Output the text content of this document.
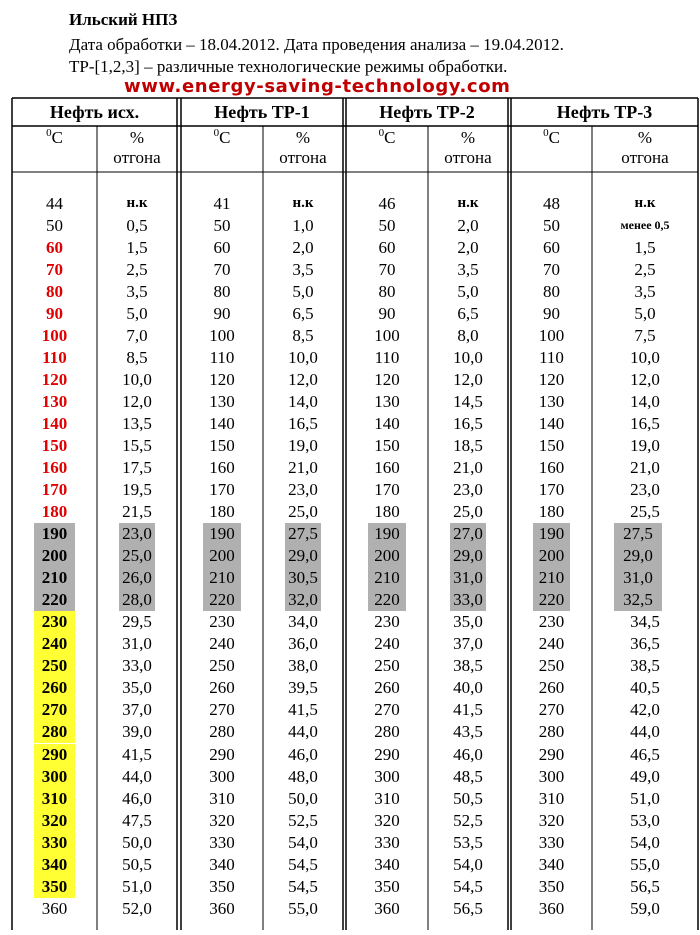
Ильский НПЗ
Дата обработки – 18.04.2012. Дата проведения анализа – 19.04.2012.
ТР-[1,2,3] – различные технологические режимы обработки.
www.energy-saving-technology.com
Нефть исх.
$^0$C	%
отгона
Нефть ТР-1
$^0$C	%
отгона
Нефть ТР-2
$^0$C	%
отгона
Нефть ТР-3
$^0$C	%
отгона
44	н.к	41	н.к	46	н.к	48	н.к
50	0,5	50	1,0	50	2,0	50	менее 0,5
60	1,5	60	2,0	60	2,0	60	1,5
70	2,5	70	3,5	70	3,5	70	2,5
80	3,5	80	5,0	80	5,0	80	3,5
90	5,0	90	6,5	90	6,5	90	5,0
100	7,0	100	8,5	100	8,0	100	7,5
110	8,5	110	10,0	110	10,0	110	10,0
120	10,0	120	12,0	120	12,0	120	12,0
130	12,0	130	14,0	130	14,5	130	14,0
140	13,5	140	16,5	140	16,5	140	16,5
150	15,5	150	19,0	150	18,5	150	19,0
160	17,5	160	21,0	160	21,0	160	21,0
170	19,5	170	23,0	170	23,0	170	23,0
180	21,5	180	25,0	180	25,0	180	25,5
190	23,0	190	27,5	190	27,0	190	27,5
200	25,0	200	29,0	200	29,0	200	29,0
210	26,0	210	30,5	210	31,0	210	31,0
220	28,0	220	32,0	220	33,0	220	32,5
230	29,5	230	34,0	230	35,0	230	34,5
240	31,0	240	36,0	240	37,0	240	36,5
250	33,0	250	38,0	250	38,5	250	38,5
260	35,0	260	39,5	260	40,0	260	40,5
270	37,0	270	41,5	270	41,5	270	42,0
280	39,0	280	44,0	280	43,5	280	44,0
290	41,5	290	46,0	290	46,0	290	46,5
300	44,0	300	48,0	300	48,5	300	49,0
310	46,0	310	50,0	310	50,5	310	51,0
320	47,5	320	52,5	320	52,5	320	53,0
330	50,0	330	54,0	330	53,5	330	54,0
340	50,5	340	54,5	340	54,0	340	55,0
350	51,0	350	54,5	350	54,5	350	56,5
360	52,0	360	55,0	360	56,5	360	59,0
